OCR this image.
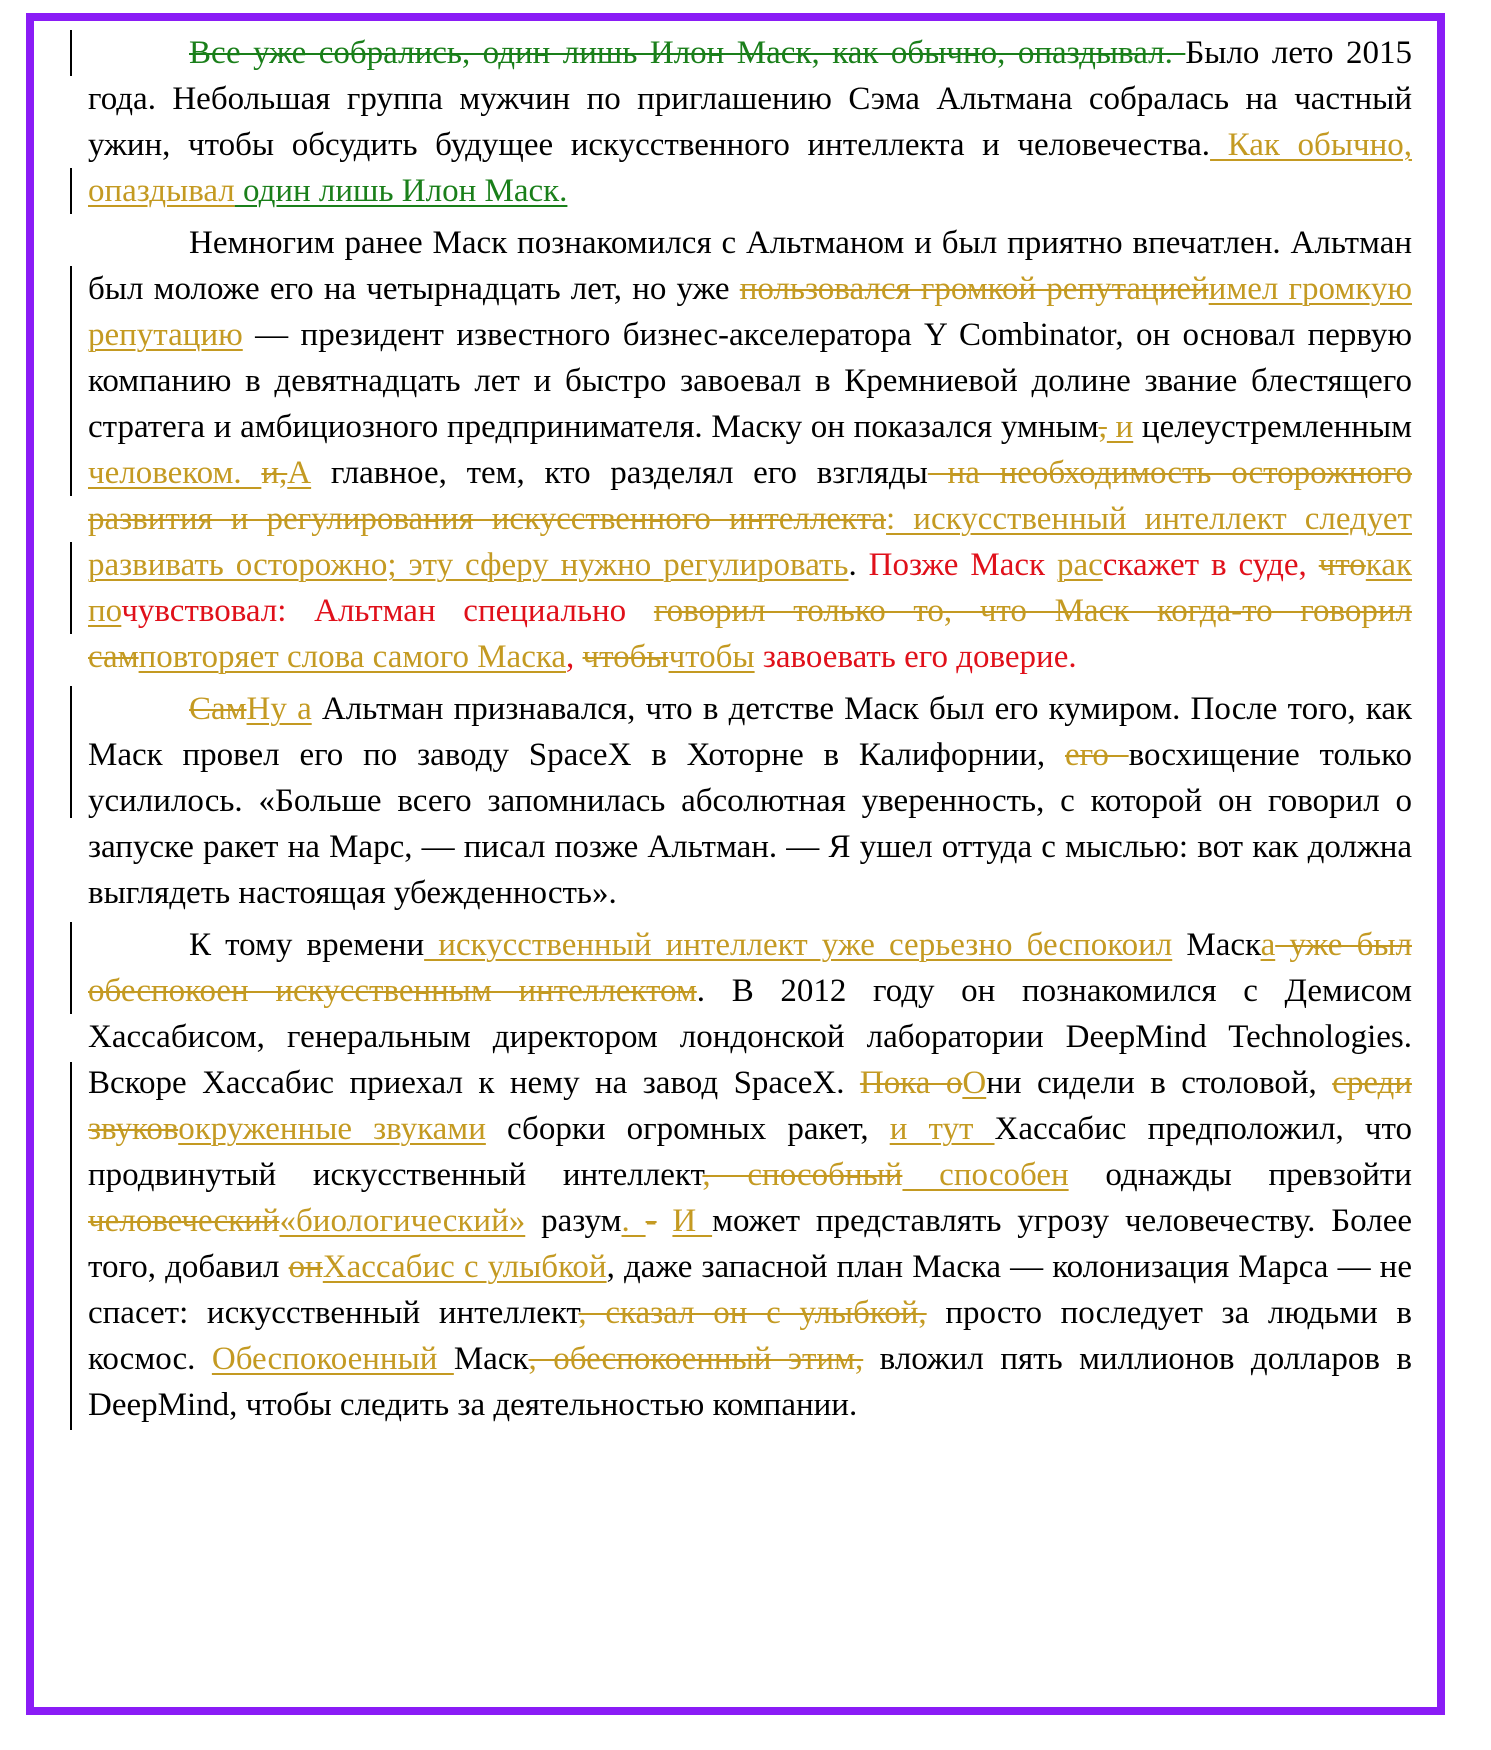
Все уже собрались, один лишь Илон Маск, как обычно, опаздывал. Было лето 2015 года. Небольшая группа мужчин по приглашению Сэма Альтмана собралась на частный ужин, чтобы обсудить будущее искусственного интеллекта и человечества. Как обычно, опаздывал один лишь Илон Маск.

Немногим ранее Маск познакомился с Альтманом и был приятно впечатлен. Альтман был моложе его на четырнадцать лет, но уже пользовался громкой репутациейимел громкую репутацию — президент известного бизнес-акселератора Y Combinator, он основал первую компанию в девятнадцать лет и быстро завоевал в Кремниевой долине звание блестящего стратега и амбициозного предпринимателя. Маску он показался умным, и целеустремленным человеком. и,А главное, тем, кто разделял его взгляды на необходимость осторожного развития и регулирования искусственного интеллекта: искусственный интеллект следует развивать осторожно; эту сферу нужно регулировать. Позже Маск расскажет в суде, чтокак почувствовал: Альтман специально говорил только то, что Маск когда-то говорил самповторяет слова самого Маска, чтобычтобы завоевать его доверие.

СамНу а Альтман признавался, что в детстве Маск был его кумиром. После того, как Маск провел его по заводу SpaceX в Хоторне в Калифорнии, его восхищение только усилилось. «Больше всего запомнилась абсолютная уверенность, с которой он говорил о запуске ракет на Марс, — писал позже Альтман. — Я ушел оттуда с мыслью: вот как должна выглядеть настоящая убежденность».

К тому времени искусственный интеллект уже серьезно беспокоил Маска уже был обеспокоен искусственным интеллектом. В 2012 году он познакомился с Демисом Хассабисом, генеральным директором лондонской лаборатории DeepMind Technologies. Вскоре Хассабис приехал к нему на завод SpaceX. Пока оОни сидели в столовой, среди звуковокруженные звуками сборки огромных ракет, и тут Хассабис предположил, что продвинутый искусственный интеллект, способный способен однажды превзойти человеческий«биологический» разум. - И может представлять угрозу человечеству. Более того, добавил онХассабис с улыбкой, даже запасной план Маска — колонизация Марса — не спасет: искусственный интеллект, сказал он с улыбкой, просто последует за людьми в космос. Обеспокоенный Маск, обеспокоенный этим, вложил пять миллионов долларов в DeepMind, чтобы следить за деятельностью компании.
